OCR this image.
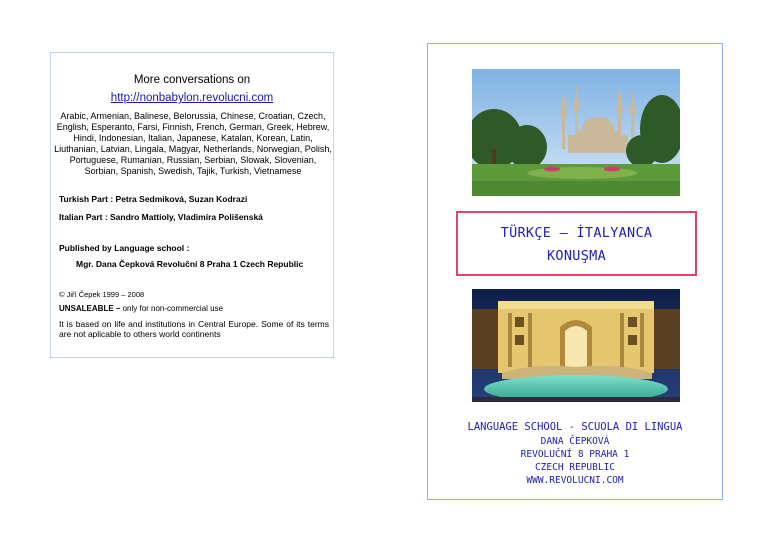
More conversations on
http://nonbabylon.revolucni.com
Arabic, Armenian, Balinese, Belorussia, Chinese, Croatian, Czech, English, Esperanto, Farsi, Finnish, French, German, Greek, Hebrew, Hindi, Indonesian, Italian, Japanese, Katalan, Korean, Latin, Liuthanian, Latvian, Lingala, Magyar, Netherlands, Norwegian, Polish, Portuguese, Rumanian, Russian, Serbian, Slowak, Slovenian, Sorbian, Spanish, Swedish, Tajik, Turkish, Vietnamese
Turkish Part : Petra Sedmiková, Suzan Kodrazi
Italian Part : Sandro Mattioly, Vladimíra Polišenská
Published by Language school :
Mgr. Dana Čepková Revoluční 8 Praha 1 Czech Republic
© Jiří Čepek 1999 – 2008
UNSALEABLE – only for non-commercial use
It is based on life and institutions in Central Europe. Some of its terms are not aplicable to others world continents
TÜRKÇE – İTALYANCA
KONUŞMA
LANGUAGE SCHOOL - SCUOLA DI LINGUA
DANA ČEPKOVÁ
REVOLUČNÍ 8 PRAHA 1
CZECH REPUBLIC
WWW.REVOLUCNI.COM
